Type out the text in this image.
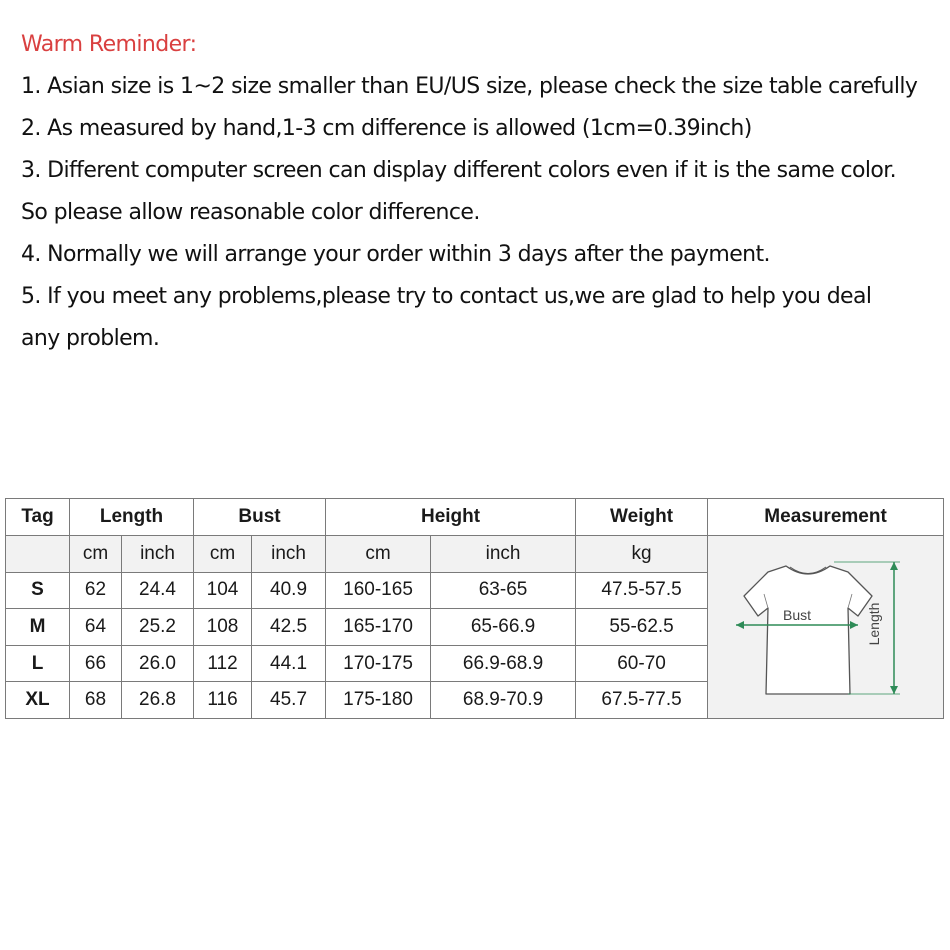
Warm Reminder:
1. Asian size is 1~2 size smaller than EU/US size, please check the size table carefully
2. As measured by hand,1-3 cm difference is allowed (1cm=0.39inch)
3. Different computer screen can display different colors even if it is the same color.
So please allow reasonable color difference.
4. Normally we will arrange your order within 3 days after the payment.
5. If you meet any problems,please try to contact us,we are glad to help you deal
any problem.
Tag	Length		Bust		Height		Weight	Measurement
	cm	inch	cm	inch	cm	inch	kg	Bust Length

S	62	24.4	104	40.9	160-165	63-65	47.5-57.5	
M	64	25.2	108	42.5	165-170	65-66.9	55-62.5	
L	66	26.0	112	44.1	170-175	66.9-68.9	60-70	
XL	68	26.8	116	45.7	175-180	68.9-70.9	67.5-77.5	
